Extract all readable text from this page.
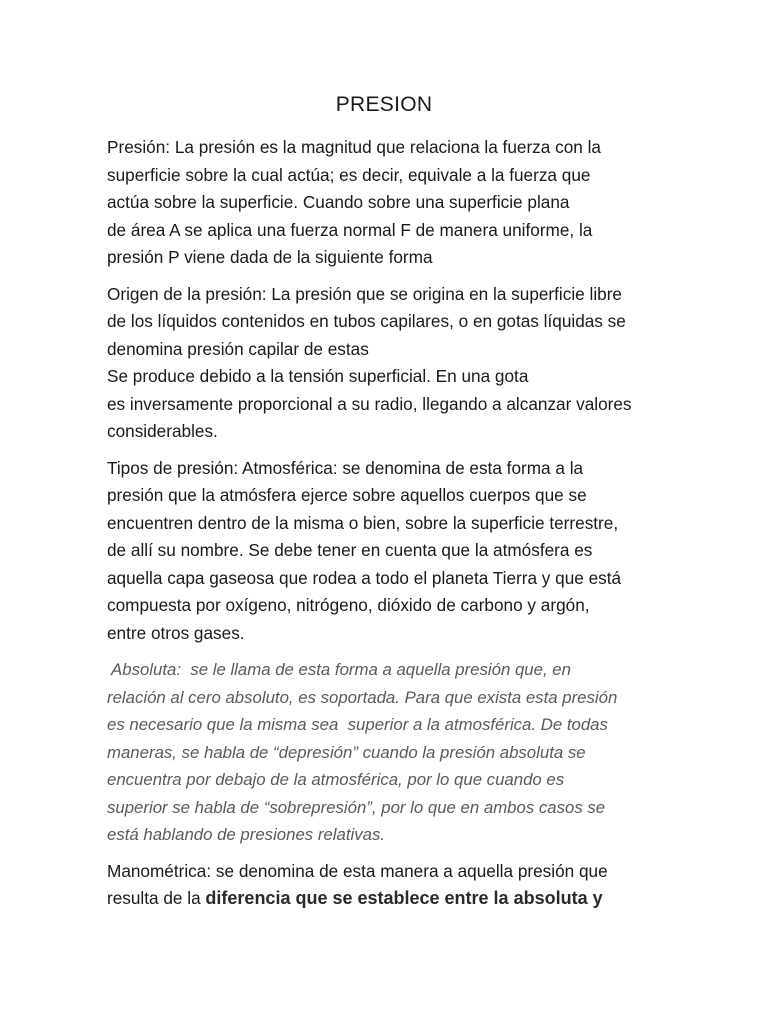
PRESION

Presión: La presión es la magnitud que relaciona la fuerza con la
superficie sobre la cual actúa; es decir, equivale a la fuerza que
actúa sobre la superficie. Cuando sobre una superficie plana
de área A se aplica una fuerza normal F de manera uniforme, la
presión P viene dada de la siguiente forma

Origen de la presión: La presión que se origina en la superficie libre
de los líquidos contenidos en tubos capilares, o en gotas líquidas se
denomina presión capilar de estas
Se produce debido a la tensión superficial. En una gota
es inversamente proporcional a su radio, llegando a alcanzar valores
considerables.

Tipos de presión: Atmosférica: se denomina de esta forma a la
presión que la atmósfera ejerce sobre aquellos cuerpos que se
encuentren dentro de la misma o bien, sobre la superficie terrestre,
de allí su nombre. Se debe tener en cuenta que la atmósfera es
aquella capa gaseosa que rodea a todo el planeta Tierra y que está
compuesta por oxígeno, nitrógeno, dióxido de carbono y argón,
entre otros gases.

Absoluta:  se le llama de esta forma a aquella presión que, en
relación al cero absoluto, es soportada. Para que exista esta presión
es necesario que la misma sea  superior a la atmosférica. De todas
maneras, se habla de “depresión” cuando la presión absoluta se
encuentra por debajo de la atmosférica, por lo que cuando es
superior se habla de “sobrepresión”, por lo que en ambos casos se
está hablando de presiones relativas.

Manométrica: se denomina de esta manera a aquella presión que
resulta de la diferencia que se establece entre la absoluta y
